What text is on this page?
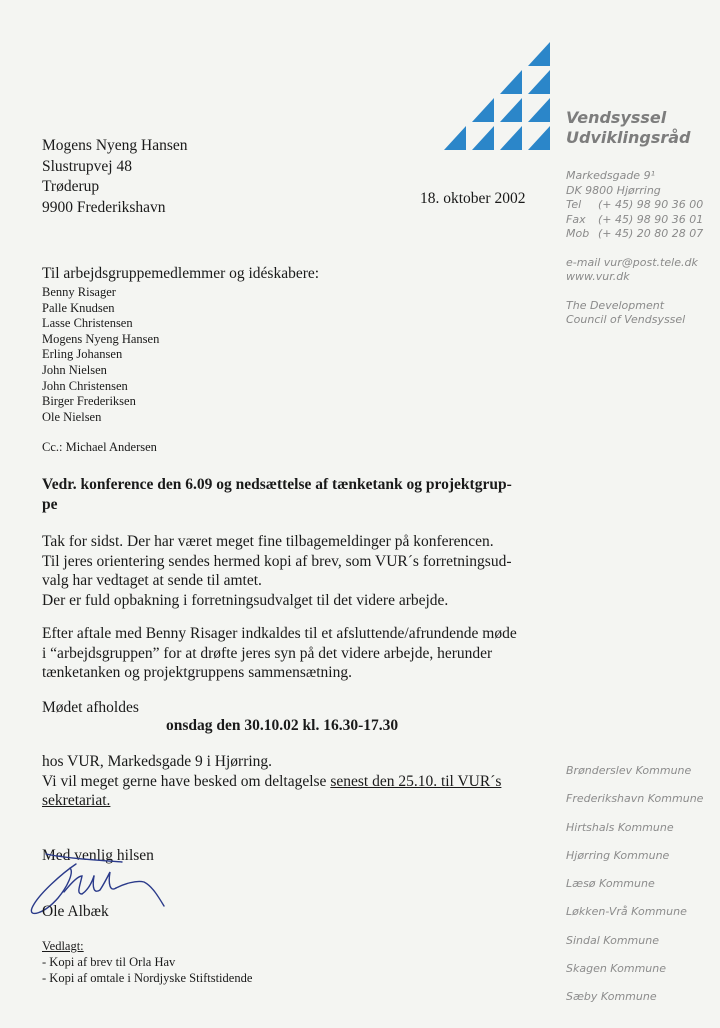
Mogens Nyeng Hansen
Slustrupvej 48
Trøderup
9900 Frederikshavn	18. oktober 2002
Vendsyssel
Udviklingsråd
Markedsgade 9¹
DK 9800 Hjørring
Tel	(+ 45) 98 90 36 00
Fax	(+ 45) 98 90 36 01
Mob (+ 45) 20 80 28 07
e-mail vur@post.tele.dk
www.vur.dk
The Development
Council of Vendsyssel
Til arbejdsgruppemedlemmer og idéskabere:
Benny Risager
Palle Knudsen
Lasse Christensen
Mogens Nyeng Hansen
Erling Johansen
John Nielsen
John Christensen
Birger Frederiksen
Ole Nielsen
Cc.: Michael Andersen
Vedr. konference den 6.09 og nedsættelse af tænketank og projektgrup-
pe
Tak for sidst. Der har været meget fine tilbagemeldinger på konferencen.
Til jeres orientering sendes hermed kopi af brev, som VUR´s forretningsud-
valg har vedtaget at sende til amtet.
Der er fuld opbakning i forretningsudvalget til det videre arbejde.
Efter aftale med Benny Risager indkaldes til et afsluttende/afrundende møde
i “arbejdsgruppen” for at drøfte jeres syn på det videre arbejde, herunder
tænketanken og projektgruppens sammensætning.
Mødet afholdes
onsdag den 30.10.02 kl. 16.30-17.30
hos VUR, Markedsgade 9 i Hjørring.
Vi vil meget gerne have besked om deltagelse senest den 25.10. til VUR´s
sekretariat.
Med venlig hilsen
Ole Albæk
Vedlagt:
- Kopi af brev til Orla Hav
- Kopi af omtale i Nordjyske Stiftstidende
Brønderslev Kommune
Frederikshavn Kommune
Hirtshals Kommune
Hjørring Kommune
Læsø Kommune
Løkken-Vrå Kommune
Sindal Kommune
Skagen Kommune
Sæby Kommune
